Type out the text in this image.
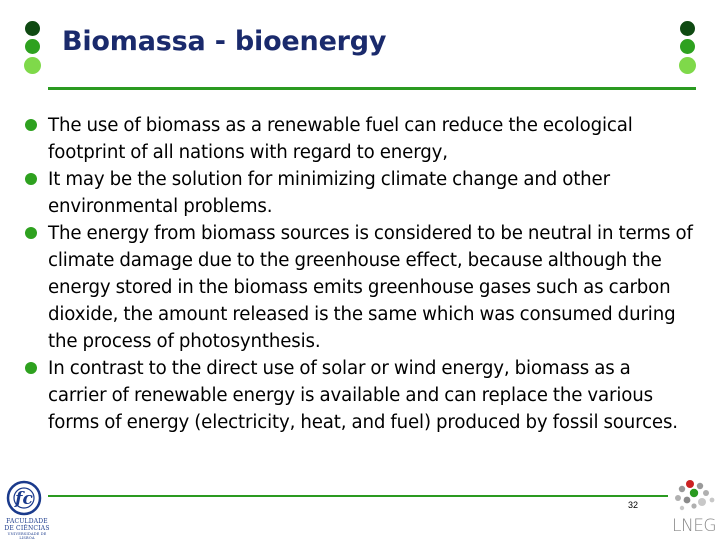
Biomassa - bioenergy
The use of biomass as a renewable fuel can reduce the ecological footprint of all nations with regard to energy,
It may be the solution for minimizing climate change and other environmental problems.
The energy from biomass sources is considered to be neutral in terms of climate damage due to the greenhouse effect, because although the energy stored in the biomass emits greenhouse gases such as carbon dioxide, the amount released is the same which was consumed during the process of photosynthesis.
In contrast to the direct use of solar or wind energy, biomass as a carrier of renewable energy is available and can replace the various forms of energy (electricity, heat, and fuel) produced by fossil sources.
32
fc
FACULDADE
DE CIÊNCIAS
UNIVERSIDADE DE LISBOA
LNEG
